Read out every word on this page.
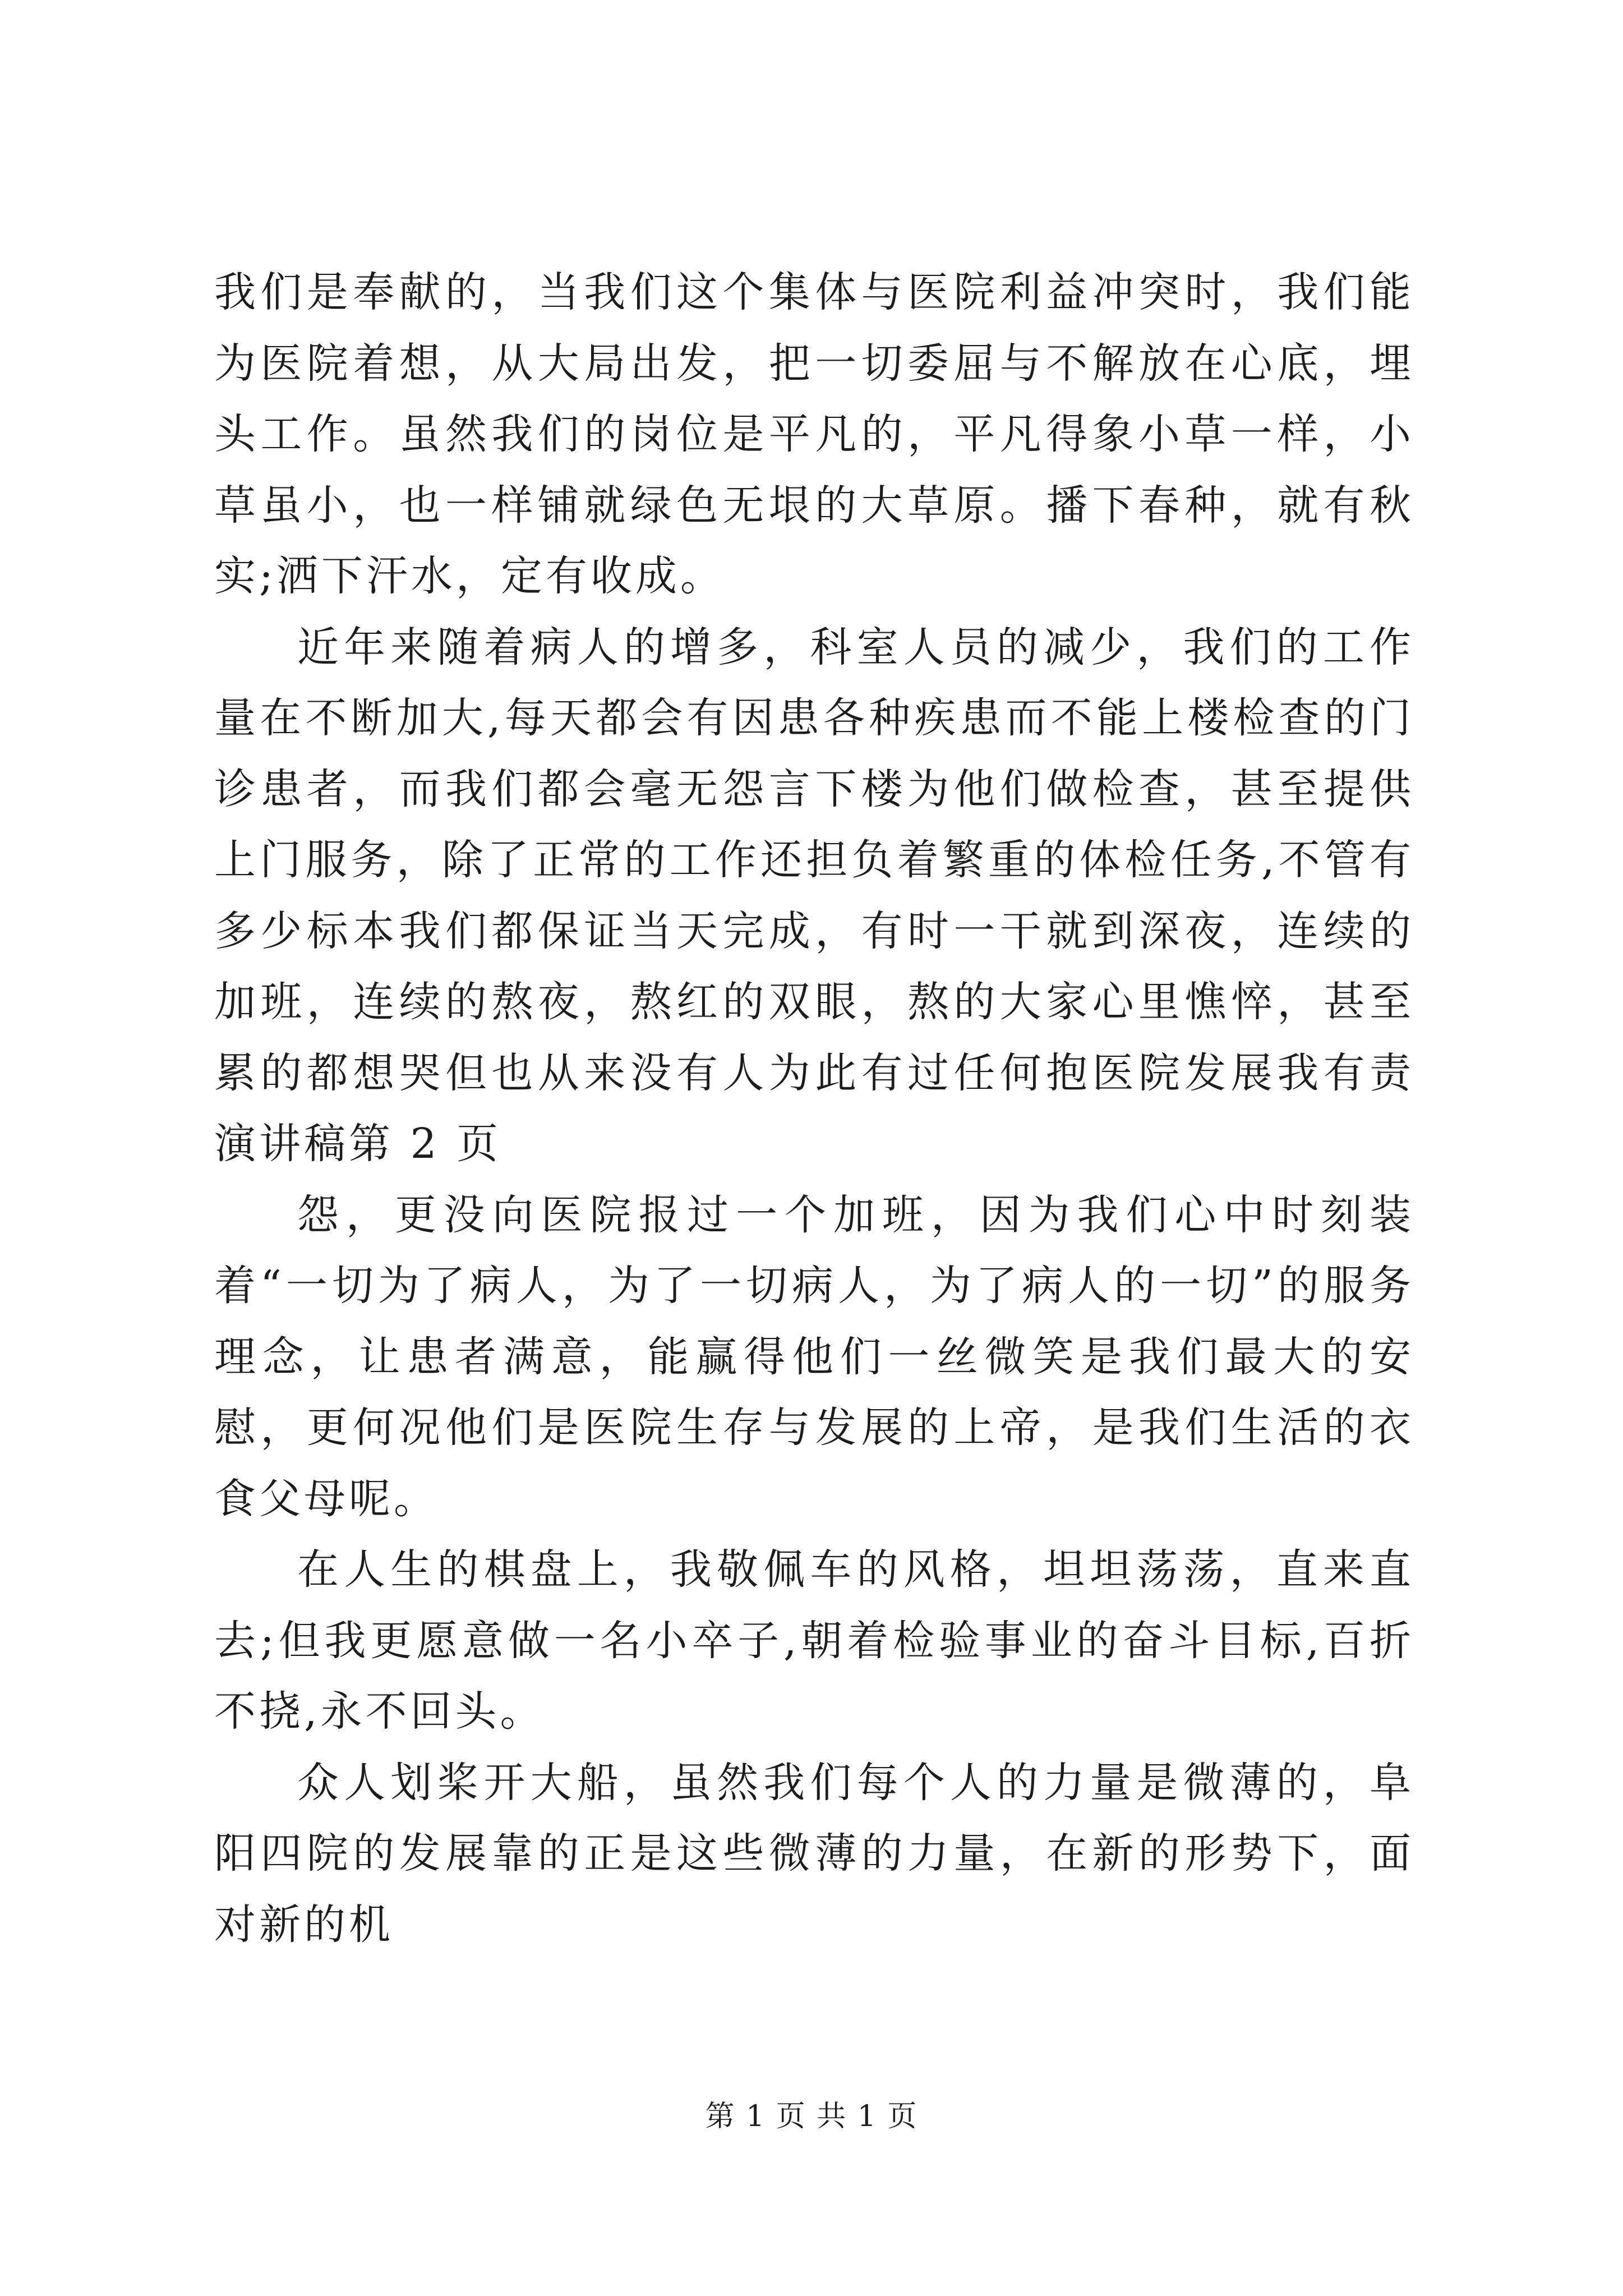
我们是奉献的，当我们这个集体与医院利益冲突时，我们能为医院着想，从大局出发，把一切委屈与不解放在心底，埋头工作。虽然我们的岗位是平凡的，平凡得象小草一样，小草虽小，也一样铺就绿色无垠的大草原。播下春种，就有秋实;洒下汗水，定有收成。

近年来随着病人的增多，科室人员的减少，我们的工作量在不断加大,每天都会有因患各种疾患而不能上楼检查的门诊患者，而我们都会毫无怨言下楼为他们做检查，甚至提供上门服务，除了正常的工作还担负着繁重的体检任务,不管有多少标本我们都保证当天完成，有时一干就到深夜，连续的加班，连续的熬夜，熬红的双眼，熬的大家心里憔悴，甚至累的都想哭但也从来没有人为此有过任何抱医院发展我有责演讲稿第 2 页

怨，更没向医院报过一个加班，因为我们心中时刻装着“一切为了病人，为了一切病人，为了病人的一切”的服务理念，让患者满意，能赢得他们一丝微笑是我们最大的安慰，更何况他们是医院生存与发展的上帝，是我们生活的衣食父母呢。

在人生的棋盘上，我敬佩车的风格，坦坦荡荡，直来直去;但我更愿意做一名小卒子,朝着检验事业的奋斗目标,百折不挠,永不回头。

众人划桨开大船，虽然我们每个人的力量是微薄的，阜阳四院的发展靠的正是这些微薄的力量，在新的形势下，面对新的机

第 1 页 共 1 页
